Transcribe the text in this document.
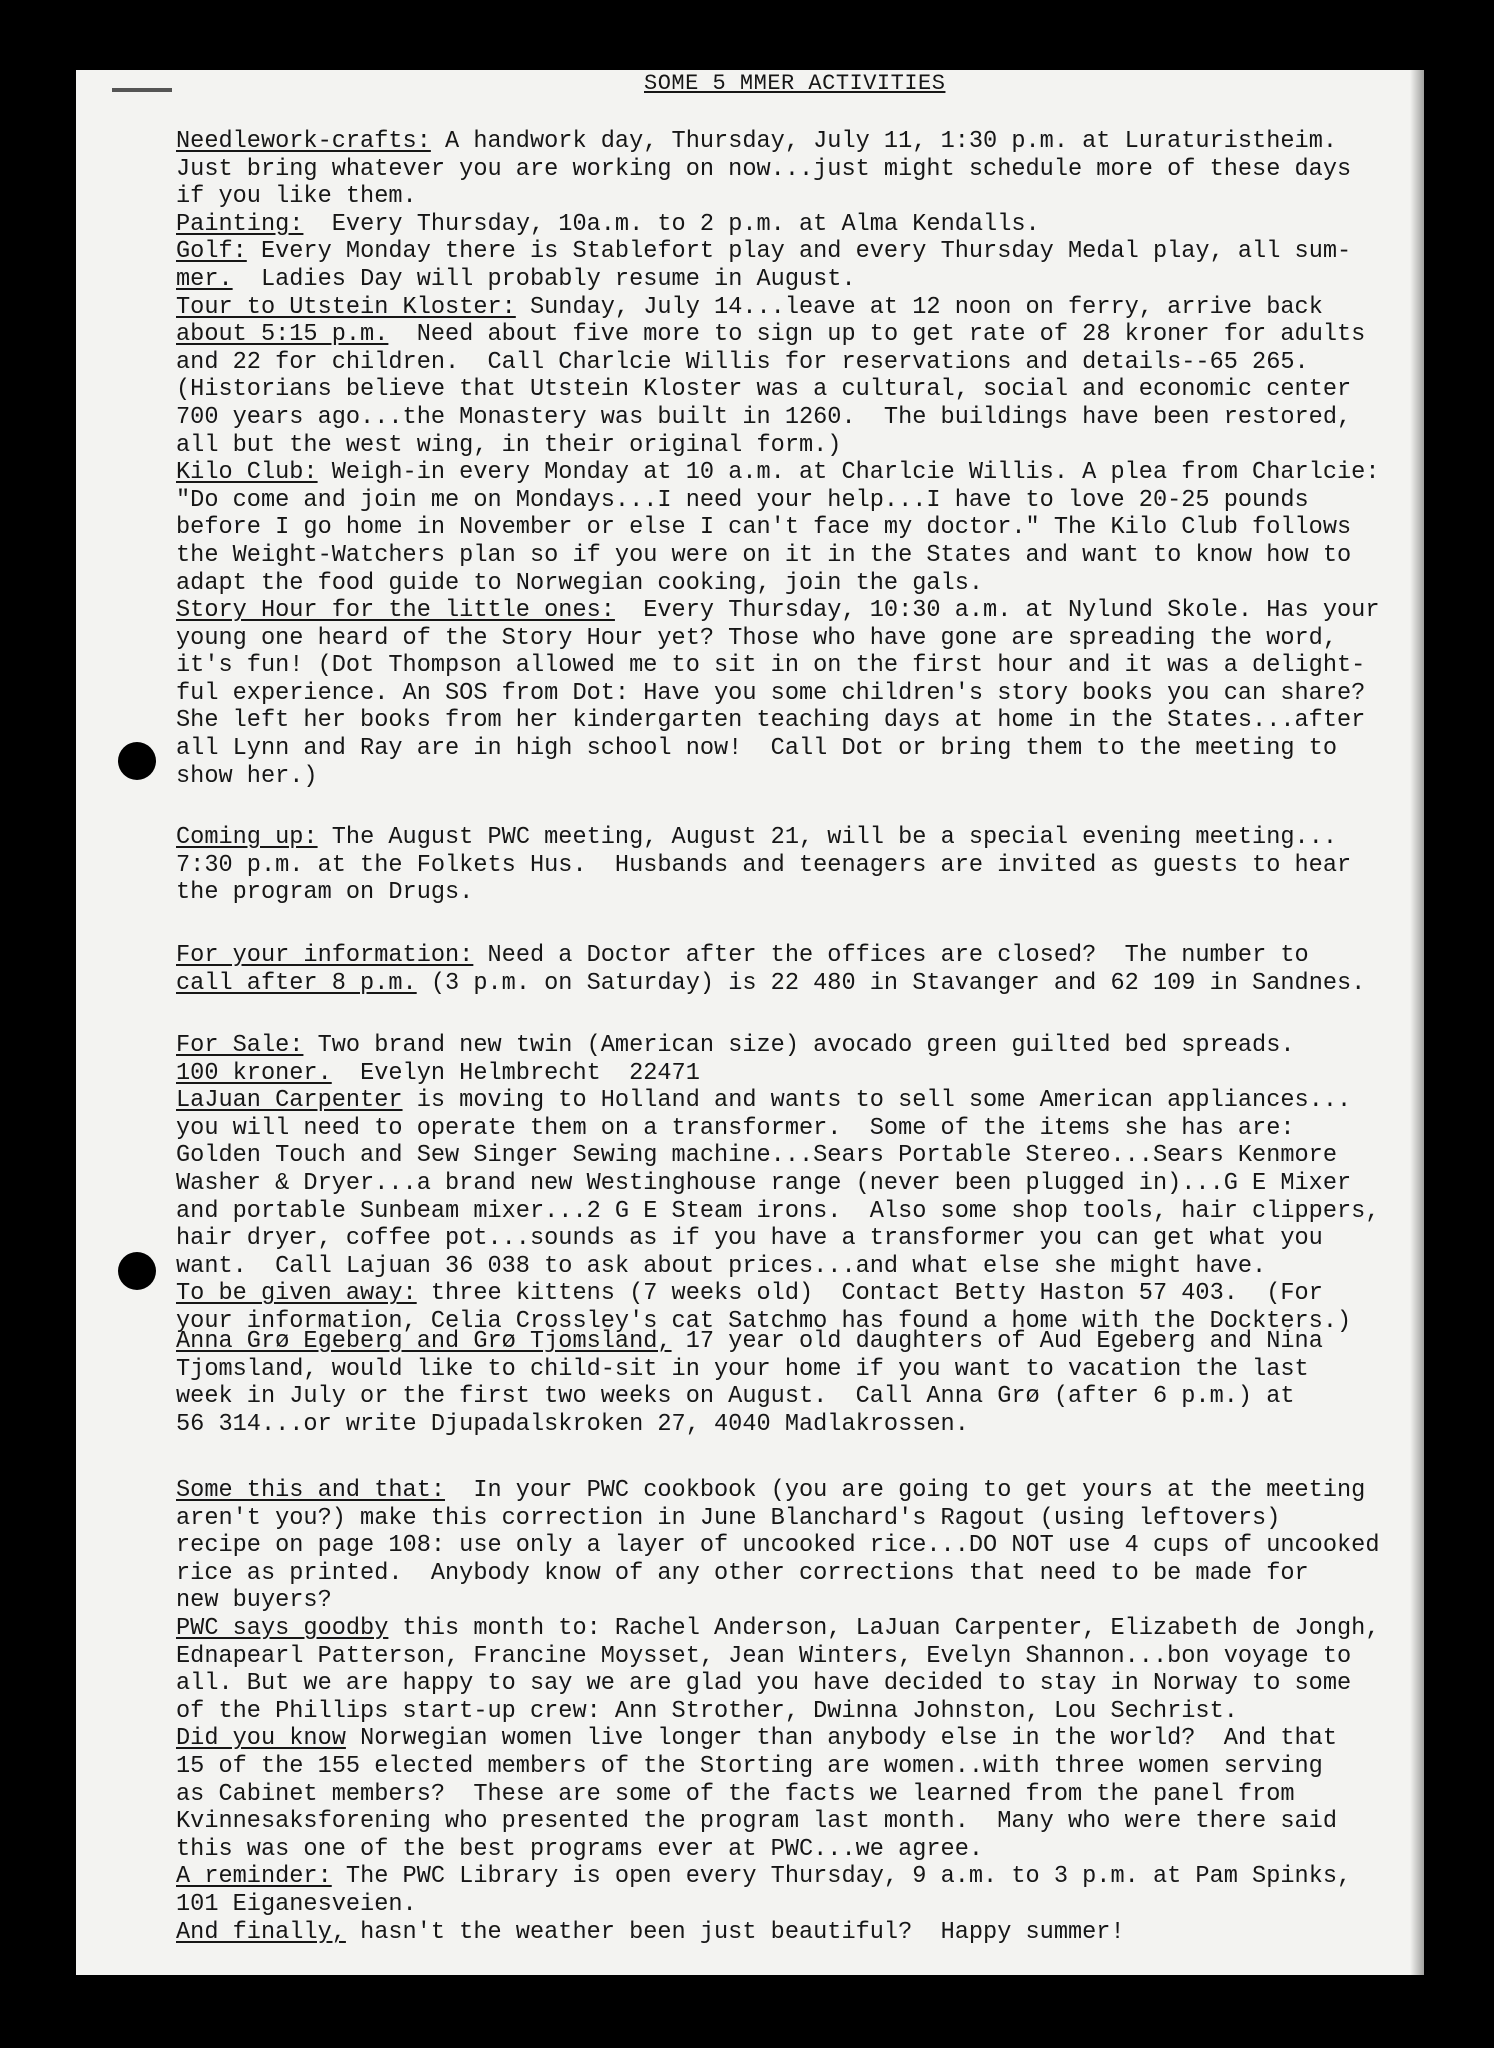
SOME 5 MMER ACTIVITIES

Needlework-crafts: A handwork day, Thursday, July 11, 1:30 p.m. at Luraturistheim.

Just bring whatever you are working on now...just might schedule more of these days

if you like them.

Painting:  Every Thursday, 10a.m. to 2 p.m. at Alma Kendalls.

Golf: Every Monday there is Stablefort play and every Thursday Medal play, all sum-

mer.  Ladies Day will probably resume in August.

Tour to Utstein Kloster: Sunday, July 14...leave at 12 noon on ferry, arrive back

about 5:15 p.m.  Need about five more to sign up to get rate of 28 kroner for adults

and 22 for children.  Call Charlcie Willis for reservations and details--65 265.

(Historians believe that Utstein Kloster was a cultural, social and economic center

700 years ago...the Monastery was built in 1260.  The buildings have been restored,

all but the west wing, in their original form.)

Kilo Club: Weigh-in every Monday at 10 a.m. at Charlcie Willis. A plea from Charlcie:

"Do come and join me on Mondays...I need your help...I have to love 20-25 pounds

before I go home in November or else I can't face my doctor." The Kilo Club follows

the Weight-Watchers plan so if you were on it in the States and want to know how to

adapt the food guide to Norwegian cooking, join the gals.

Story Hour for the little ones:  Every Thursday, 10:30 a.m. at Nylund Skole. Has your

young one heard of the Story Hour yet? Those who have gone are spreading the word,

it's fun! (Dot Thompson allowed me to sit in on the first hour and it was a delight-

ful experience. An SOS from Dot: Have you some children's story books you can share?

She left her books from her kindergarten teaching days at home in the States...after

all Lynn and Ray are in high school now!  Call Dot or bring them to the meeting to

show her.)

Coming up: The August PWC meeting, August 21, will be a special evening meeting...

7:30 p.m. at the Folkets Hus.  Husbands and teenagers are invited as guests to hear

the program on Drugs.

For your information: Need a Doctor after the offices are closed?  The number to

call after 8 p.m. (3 p.m. on Saturday) is 22 480 in Stavanger and 62 109 in Sandnes.

For Sale: Two brand new twin (American size) avocado green guilted bed spreads.

100 kroner.  Evelyn Helmbrecht  22471

LaJuan Carpenter is moving to Holland and wants to sell some American appliances...

you will need to operate them on a transformer.  Some of the items she has are:

Golden Touch and Sew Singer Sewing machine...Sears Portable Stereo...Sears Kenmore

Washer & Dryer...a brand new Westinghouse range (never been plugged in)...G E Mixer

and portable Sunbeam mixer...2 G E Steam irons.  Also some shop tools, hair clippers,

hair dryer, coffee pot...sounds as if you have a transformer you can get what you

want.  Call Lajuan 36 038 to ask about prices...and what else she might have.

To be given away: three kittens (7 weeks old)  Contact Betty Haston 57 403.  (For

your information, Celia Crossley's cat Satchmo has found a home with the Dockters.)

Anna Grø Egeberg and Grø Tjomsland, 17 year old daughters of Aud Egeberg and Nina

Tjomsland, would like to child-sit in your home if you want to vacation the last

week in July or the first two weeks on August.  Call Anna Grø (after 6 p.m.) at

56 314...or write Djupadalskroken 27, 4040 Madlakrossen.

Some this and that:  In your PWC cookbook (you are going to get yours at the meeting

aren't you?) make this correction in June Blanchard's Ragout (using leftovers)

recipe on page 108: use only a layer of uncooked rice...DO NOT use 4 cups of uncooked

rice as printed.  Anybody know of any other corrections that need to be made for

new buyers?

PWC says goodby this month to: Rachel Anderson, LaJuan Carpenter, Elizabeth de Jongh,

Ednapearl Patterson, Francine Moysset, Jean Winters, Evelyn Shannon...bon voyage to

all. But we are happy to say we are glad you have decided to stay in Norway to some

of the Phillips start-up crew: Ann Strother, Dwinna Johnston, Lou Sechrist.

Did you know Norwegian women live longer than anybody else in the world?  And that

15 of the 155 elected members of the Storting are women..with three women serving

as Cabinet members?  These are some of the facts we learned from the panel from

Kvinnesaksforening who presented the program last month.  Many who were there said

this was one of the best programs ever at PWC...we agree.

A reminder: The PWC Library is open every Thursday, 9 a.m. to 3 p.m. at Pam Spinks,

101 Eiganesveien.

And finally, hasn't the weather been just beautiful?  Happy summer!
